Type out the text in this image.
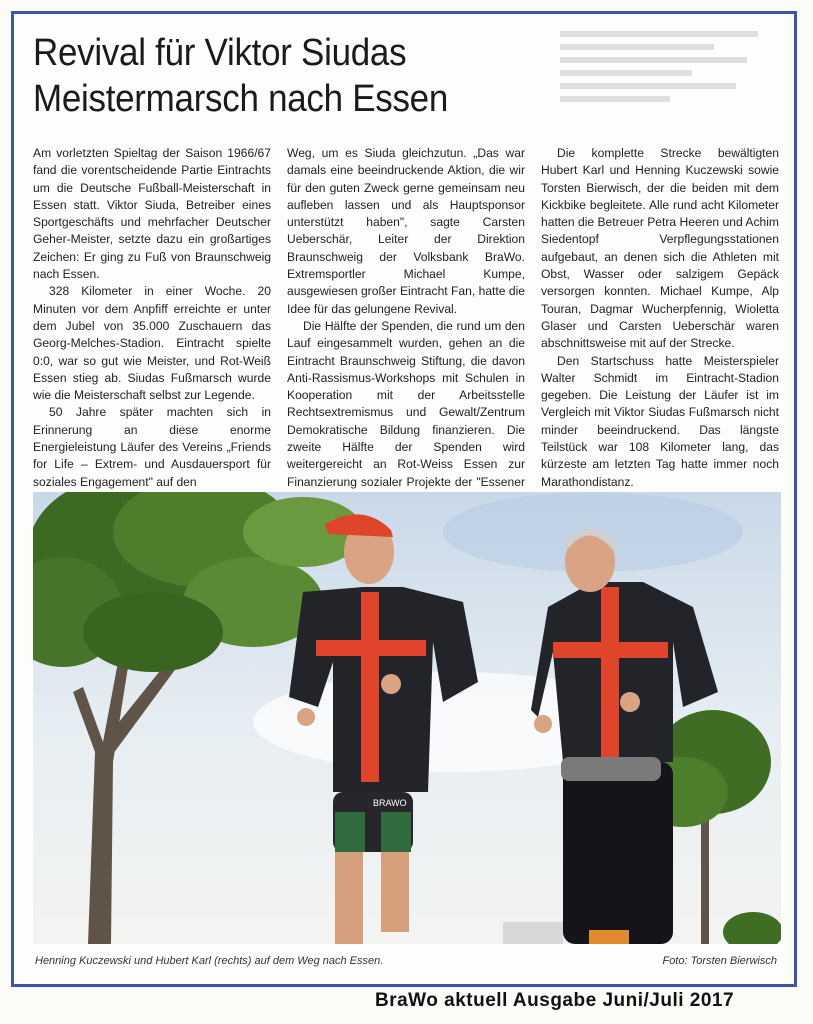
Revival für Viktor Siudas
Meistermarsch nach Essen

Am vorletzten Spieltag der Saison 1966/67 fand die vorentscheidende Partie Eintrachts um die Deutsche Fußball-Meisterschaft in Essen statt. Viktor Siuda, Betreiber eines Sportgeschäfts und mehrfacher Deutscher Geher-Meister, setzte dazu ein großartiges Zeichen: Er ging zu Fuß von Braunschweig nach Essen.

328 Kilometer in einer Woche. 20 Minuten vor dem Anpfiff erreichte er unter dem Jubel von 35.000 Zuschauern das Georg-Melches-Stadion. Eintracht spielte 0:0, war so gut wie Meister, und Rot-Weiß Essen stieg ab. Siudas Fußmarsch wurde wie die Meisterschaft selbst zur Legende.

50 Jahre später machten sich in Erinnerung an diese enorme Energieleistung Läufer des Vereins „Friends for Life – Extrem- und Ausdauersport für soziales Engagement" auf den

Weg, um es Siuda gleichzutun. „Das war damals eine beeindruckende Aktion, die wir für den guten Zweck gerne gemeinsam neu aufleben lassen und als Hauptsponsor unterstützt haben", sagte Carsten Ueberschär, Leiter der Direktion Braunschweig der Volksbank BraWo. Extremsportler Michael Kumpe, ausgewiesen großer Eintracht Fan, hatte die Idee für das gelungene Revival.

Die Hälfte der Spenden, die rund um den Lauf eingesammelt wurden, gehen an die Eintracht Braunschweig Stiftung, die davon Anti-Rassismus-Workshops mit Schulen in Kooperation mit der Arbeitsstelle Rechtsextremismus und Gewalt/Zentrum Demokratische Bildung finanzieren. Die zweite Hälfte der Spenden wird weitergereicht an Rot-Weiss Essen zur Finanzierung sozialer Projekte der "Essener

Die komplette Strecke bewältigten Hubert Karl und Henning Kuczewski sowie Torsten Bierwisch, der die beiden mit dem Kickbike begleitete. Alle rund acht Kilometer hatten die Betreuer Petra Heeren und Achim Siedentopf Verpflegungsstationen aufgebaut, an denen sich die Athleten mit Obst, Wasser oder salzigem Gepäck versorgen konnten. Michael Kumpe, Alp Touran, Dagmar Wucherpfennig, Wioletta Glaser und Carsten Ueberschär waren abschnittsweise mit auf der Strecke.

Den Startschuss hatte Meisterspieler Walter Schmidt im Eintracht-Stadion gegeben. Die Leistung der Läufer ist im Vergleich mit Viktor Siudas Fußmarsch nicht minder beeindruckend. Das längste Teilstück war 108 Kilometer lang, das kürzeste am letzten Tag hatte immer noch Marathondistanz.

BRAWO
Henning Kuczewski und Hubert Karl (rechts) auf dem Weg nach Essen.	Foto: Torsten Bierwisch
BraWo aktuell Ausgabe Juni/Juli 2017
